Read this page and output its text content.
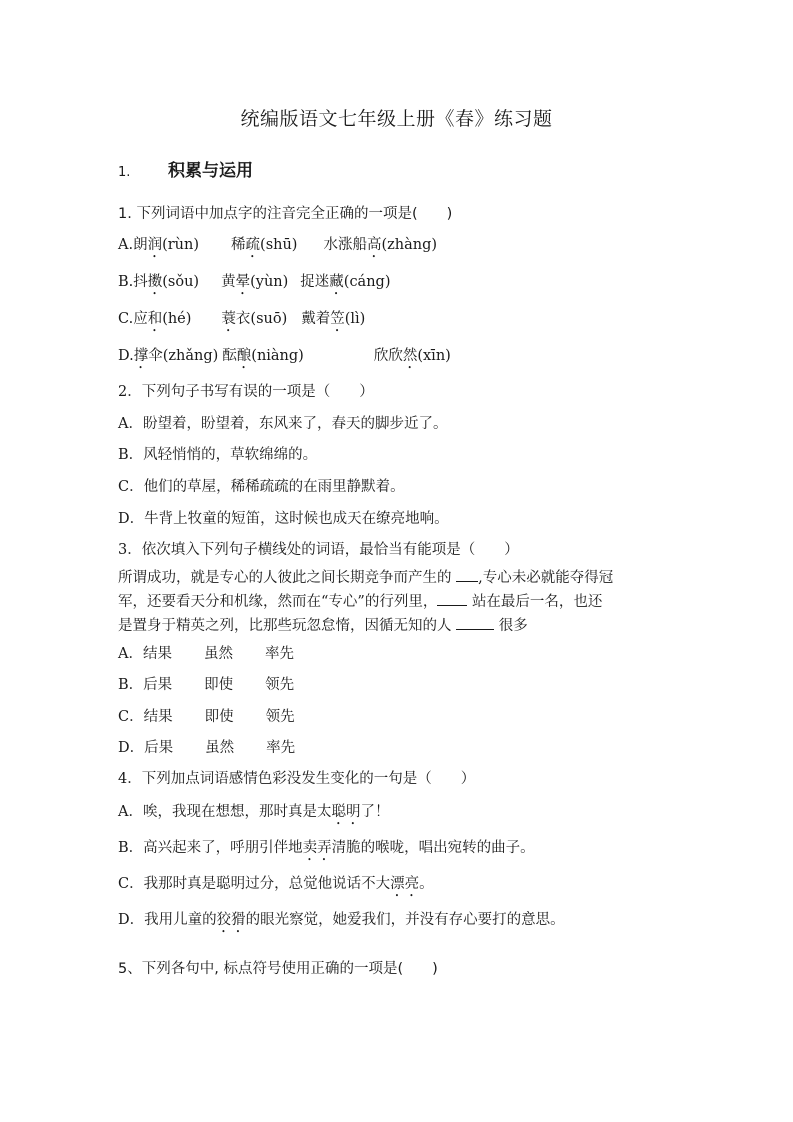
统编版语文七年级上册《春》练习题
1. 积累与运用
1. 下列词语中加点字的注音完全正确的一项是(　　)
A.朗润(rùn) 稀疏(shū) 水涨船高(zhàng)
B.抖擞(sǒu) 黄晕(yùn) 捉迷藏(cáng)
C.应和(hé) 蓑衣(suō) 戴着笠(lì)
D.撑伞(zhǎng) 酝酿(niàng)	欣欣然(xīn)
2．下列句子书写有误的一项是（　　）
A．盼望着，盼望着，东风来了，春天的脚步近了。
B．风轻悄悄的，草软绵绵的。
C．他们的草屋，稀稀疏疏的在雨里静默着。
D．牛背上牧童的短笛，这时候也成天在缭亮地响。
3．依次填入下列句子横线处的词语，最恰当有能项是（　　）
所谓成功，就是专心的人彼此之间长期竞争而产生的 ,专心未必就能夺得冠
军，还要看天分和机缘，然而在“专心”的行列里， 站在最后一名，也还
是置身于精英之列，比那些玩忽怠惰，因循无知的人	很多
A．结果 虽然 率先
B．后果 即使 领先
C．结果 即使 领先
D．后果 虽然 率先
4．下列加点词语感情色彩没发生变化的一句是（　　）
A．唉，我现在想想，那时真是太聪明了！
B．高兴起来了，呼朋引伴地卖弄清脆的喉咙，唱出宛转的曲子。
C．我那时真是聪明过分，总觉他说话不大漂亮。
D．我用儿童的狡猾的眼光察觉，她爱我们，并没有存心要打的意思。
5、下列各句中, 标点符号使用正确的一项是(　　)
